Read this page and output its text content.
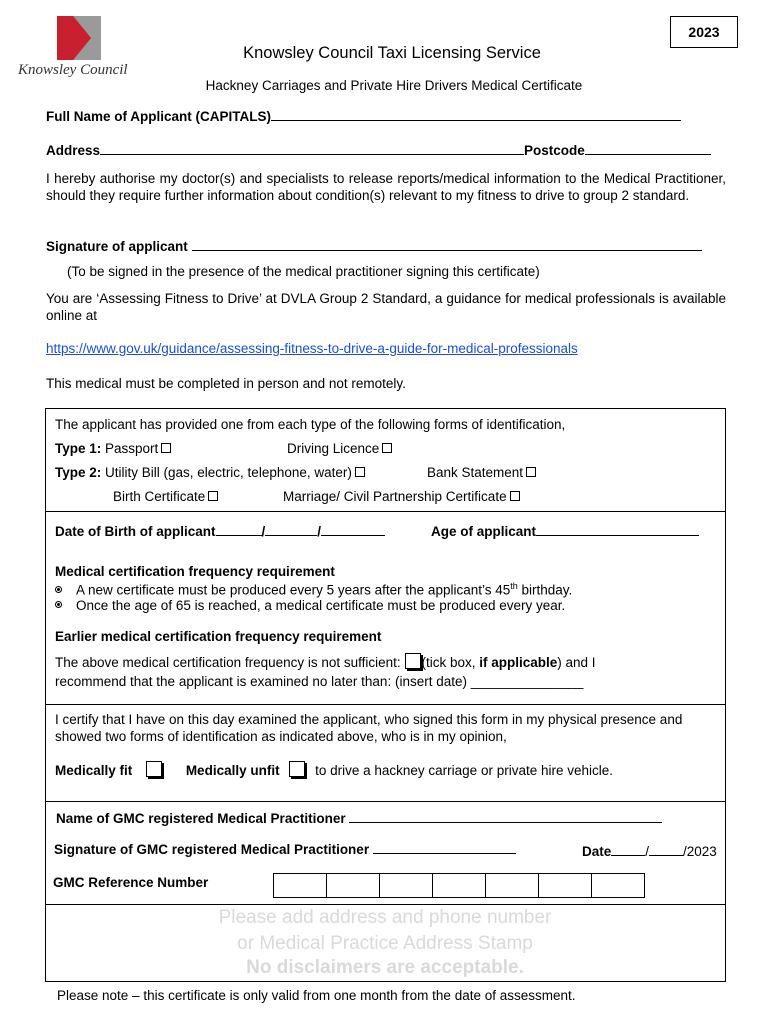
Knowsley Council
2023
Knowsley Council Taxi Licensing Service
Hackney Carriages and Private Hire Drivers Medical Certificate
Full Name of Applicant (CAPITALS)
Address	Postcode
I hereby authorise my doctor(s) and specialists to release reports/medical information to the Medical Practitioner, should they require further information about condition(s) relevant to my fitness to drive to group 2 standard.
Signature of applicant
(To be signed in the presence of the medical practitioner signing this certificate)
You are ‘Assessing Fitness to Drive’ at DVLA Group 2 Standard, a guidance for medical professionals is available online at
https://www.gov.uk/guidance/assessing-fitness-to-drive-a-guide-for-medical-professionals
This medical must be completed in person and not remotely.
The applicant has provided one from each type of the following forms of identification,
Type 1: Passport	Driving Licence
Type 2: Utility Bill (gas, electric, telephone, water)	Bank Statement
Birth Certificate	Marriage/ Civil Partnership Certificate
Date of Birth of applicant	/	/	Age of applicant
Medical certification frequency requirement
A new certificate must be produced every 5 years after the applicant’s 45th birthday.
Once the age of 65 is reached, a medical certificate must be produced every year.
Earlier medical certification frequency requirement
The above medical certification frequency is not sufficient: (tick box, if applicable) and I
recommend that the applicant is examined no later than: (insert date) _______________
I certify that I have on this day examined the applicant, who signed this form in my physical presence and showed two forms of identification as indicated above, who is in my opinion,
Medically fit	Medically unfit	to drive a hackney carriage or private hire vehicle.
Name of GMC registered Medical Practitioner
Signature of GMC registered Medical Practitioner	Date	/	/2023
GMC Reference Number
Please add address and phone number
or Medical Practice Address Stamp
No disclaimers are acceptable.
Please note – this certificate is only valid from one month from the date of assessment.
